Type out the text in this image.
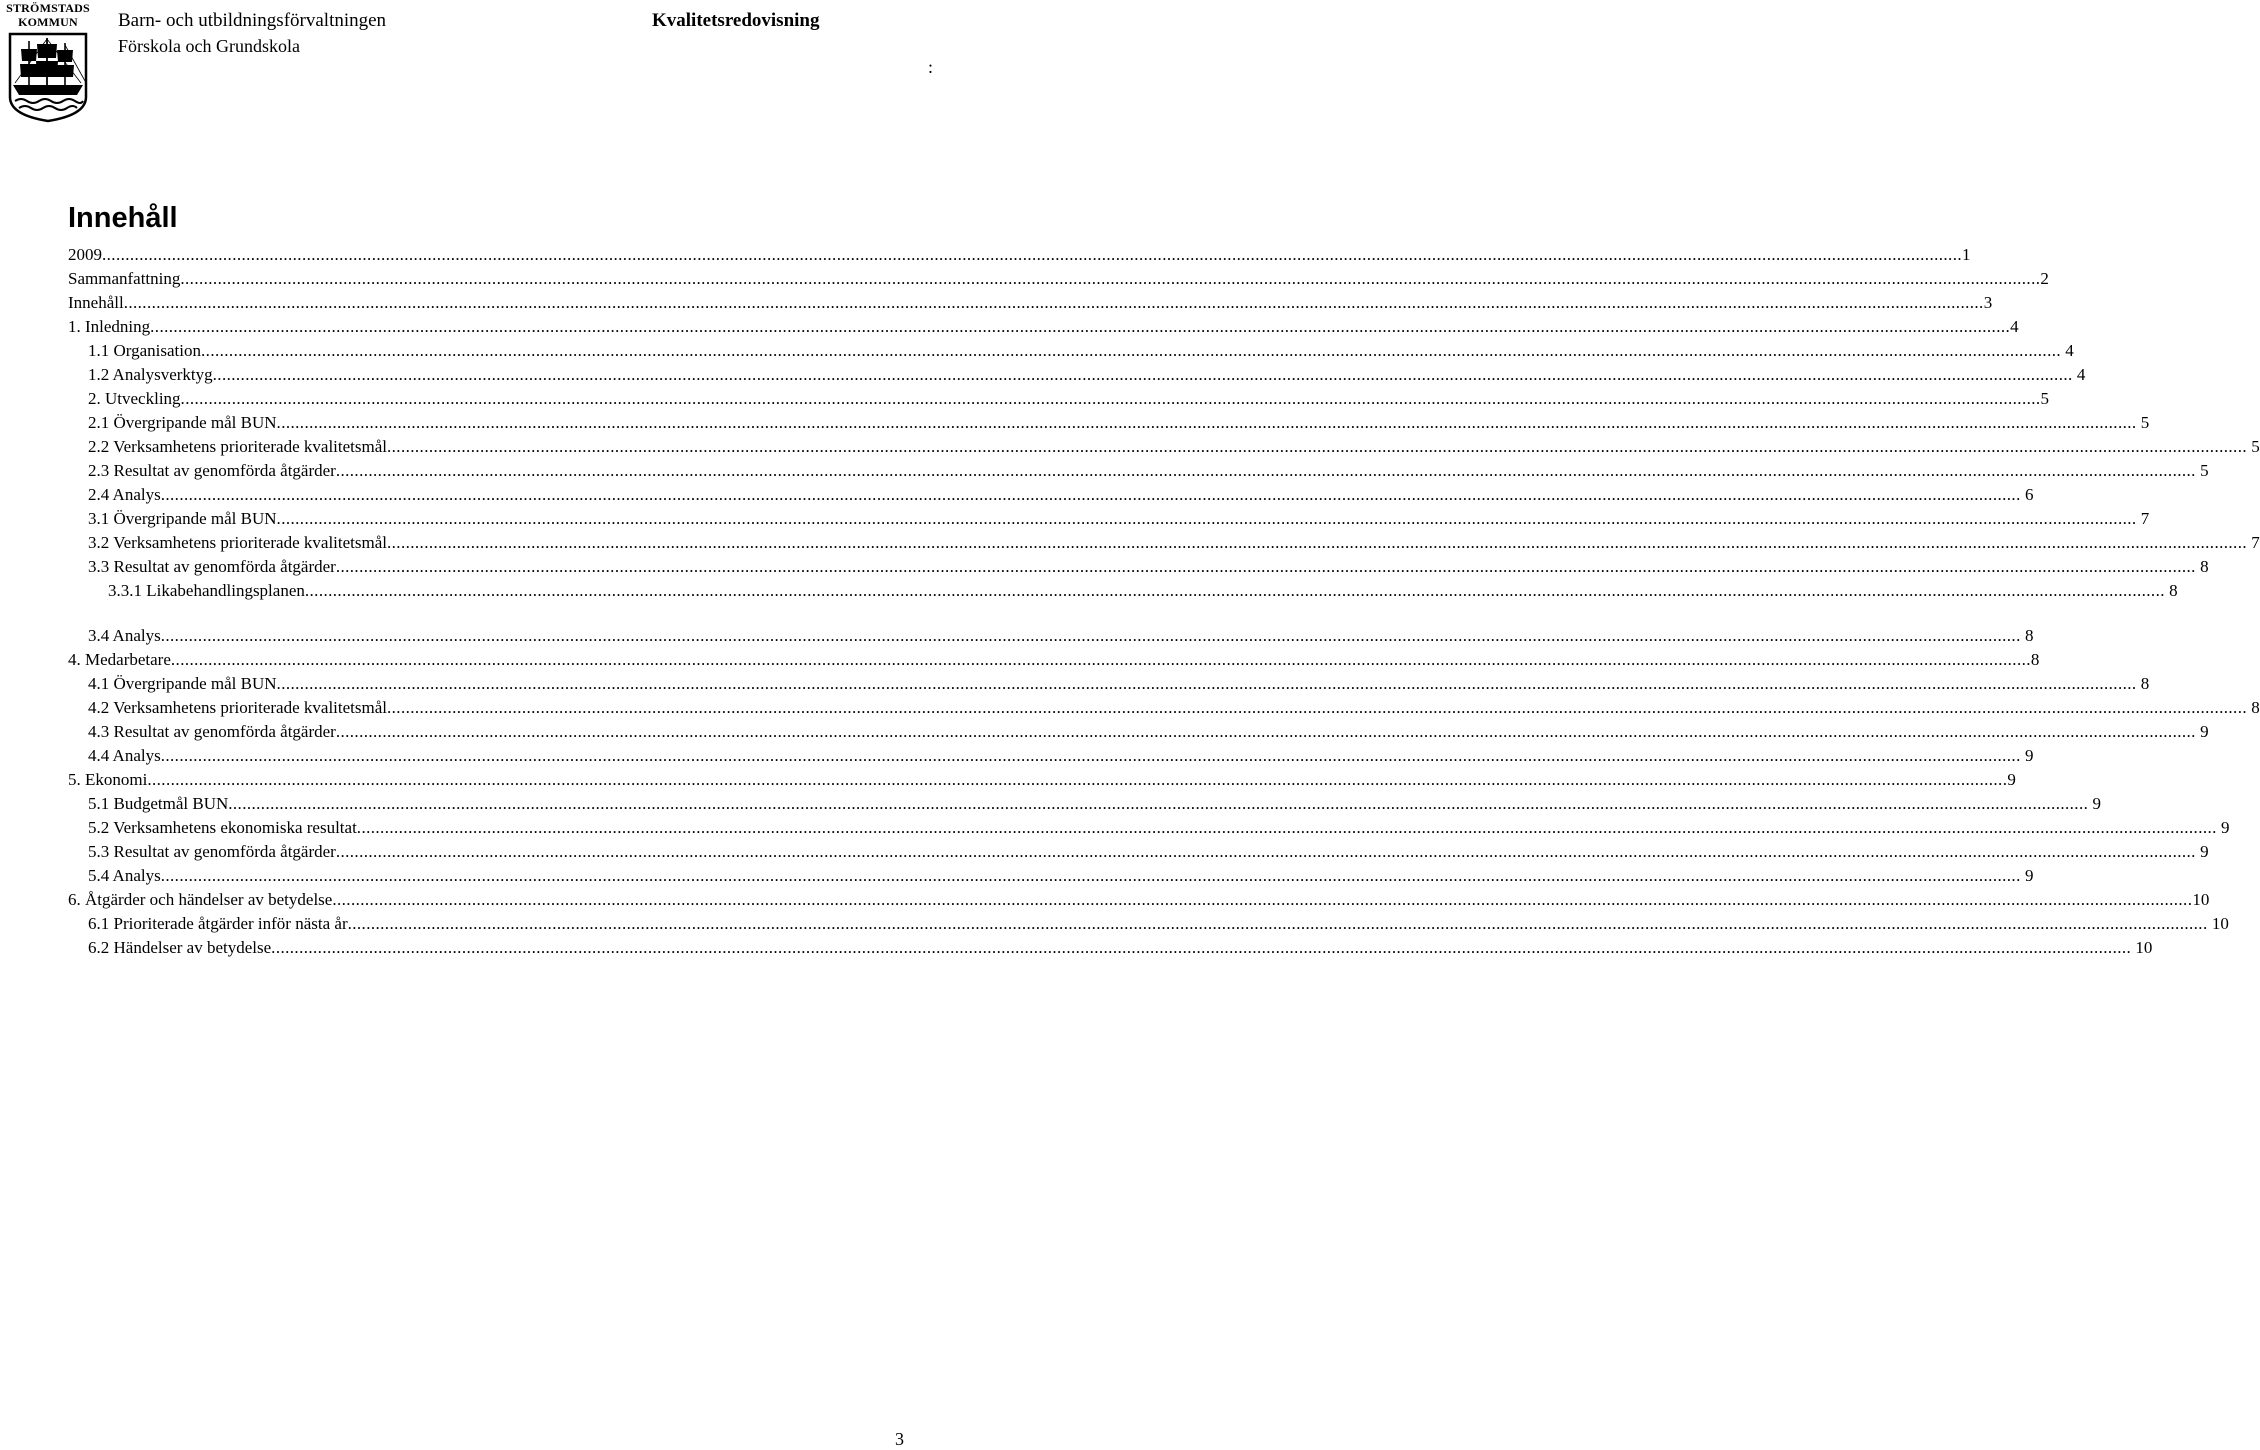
STRÖMSTADS
KOMMUN	Barn- och utbildningsförvaltningen
Förskola och Grundskola
Kvalitetsredovisning
:
Innehåll
2009 ................................................................................................................................................................................................................................................................................................................................................................................................................ 1
Sammanfattning ................................................................................................................................................................................................................................................................................................................................................................................................................ 2
Innehåll ................................................................................................................................................................................................................................................................................................................................................................................................................ 3
1. Inledning ................................................................................................................................................................................................................................................................................................................................................................................................................ 4
1.1 Organisation ................................................................................................................................................................................................................................................................................................................................................................................................................ 4
1.2 Analysverktyg ................................................................................................................................................................................................................................................................................................................................................................................................................ 4
2. Utveckling ................................................................................................................................................................................................................................................................................................................................................................................................................ 5
2.1 Övergripande mål BUN ................................................................................................................................................................................................................................................................................................................................................................................................................ 5
2.2 Verksamhetens prioriterade kvalitetsmål ................................................................................................................................................................................................................................................................................................................................................................................................................ 5
2.3 Resultat av genomförda åtgärder ................................................................................................................................................................................................................................................................................................................................................................................................................ 5
2.4 Analys ................................................................................................................................................................................................................................................................................................................................................................................................................ 6
3.1 Övergripande mål BUN ................................................................................................................................................................................................................................................................................................................................................................................................................ 7
3.2 Verksamhetens prioriterade kvalitetsmål ................................................................................................................................................................................................................................................................................................................................................................................................................ 7
3.3 Resultat av genomförda åtgärder ................................................................................................................................................................................................................................................................................................................................................................................................................ 8
3.3.1 Likabehandlingsplanen ................................................................................................................................................................................................................................................................................................................................................................................................................ 8
3.4 Analys ................................................................................................................................................................................................................................................................................................................................................................................................................ 8
4. Medarbetare ................................................................................................................................................................................................................................................................................................................................................................................................................ 8
4.1 Övergripande mål BUN ................................................................................................................................................................................................................................................................................................................................................................................................................ 8
4.2 Verksamhetens prioriterade kvalitetsmål ................................................................................................................................................................................................................................................................................................................................................................................................................ 8
4.3 Resultat av genomförda åtgärder ................................................................................................................................................................................................................................................................................................................................................................................................................ 9
4.4 Analys ................................................................................................................................................................................................................................................................................................................................................................................................................ 9
5. Ekonomi ................................................................................................................................................................................................................................................................................................................................................................................................................ 9
5.1 Budgetmål BUN ................................................................................................................................................................................................................................................................................................................................................................................................................ 9
5.2 Verksamhetens ekonomiska resultat ................................................................................................................................................................................................................................................................................................................................................................................................................ 9
5.3 Resultat av genomförda åtgärder ................................................................................................................................................................................................................................................................................................................................................................................................................ 9
5.4 Analys ................................................................................................................................................................................................................................................................................................................................................................................................................ 9
6. Åtgärder och händelser av betydelse ................................................................................................................................................................................................................................................................................................................................................................................................................ 10
6.1 Prioriterade åtgärder inför nästa år ................................................................................................................................................................................................................................................................................................................................................................................................................ 10
6.2 Händelser av betydelse ................................................................................................................................................................................................................................................................................................................................................................................................................ 10
3
